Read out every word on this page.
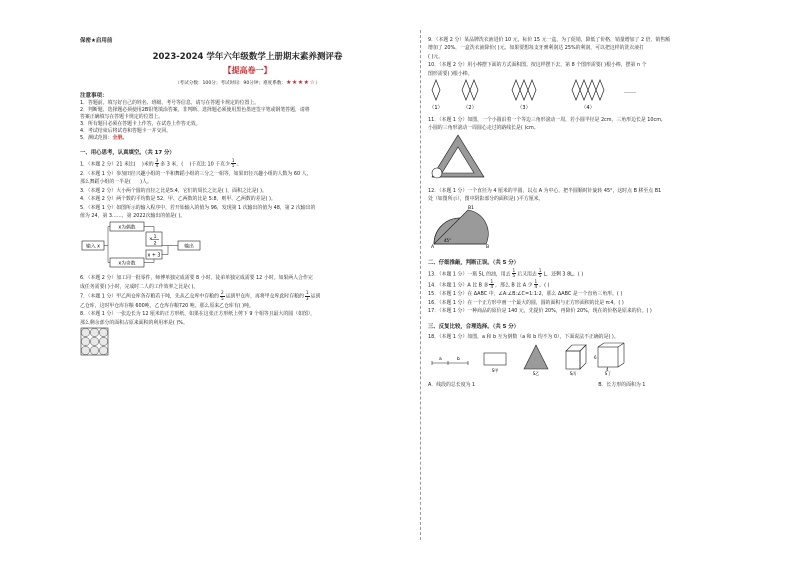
保密★启用前
2023-2024 学年六年级数学上册期末素养测评卷
【提高卷一】
（考试分数：100分；考试时间：90分钟；难度系数：★★★★☆）
注意事项：
1．答题前，填写好自己的姓名、班级、考号等信息，请写在答题卡规定的位置上。
2．判断题、选择题必须使用2B铅笔填涂答案，非判断、选择题必须使用黑色墨迹签字笔或钢笔答题，请将
答案正确填写在答题卡规定的位置上。
3．所有题目必须在答题卡上作答，在试卷上作答无效。
4．考试结束后将试卷和答题卡一并交回。
5．测试范围：全册。
一、用心思考，认真填空。（共 17 分）
1．（本题 2 分）21 米比( )米的 $\frac{3}{4}$ 多 3 米，( )千克比 10 千克少 $\frac{1}{5}$ 。
2．（本题 1 分）参加田径兴趣小组的一半和舞蹈小组的三分之一相等，如果田径兴趣小组的人数为 60 人，
那么舞蹈小组的一半是( )人。
3．（本题 2 分）大小两个圆的直径之比是5:4，它们的周长之比是( )，面积之比是( )。
4．（本题 2 分）两个数的平均数是 52，甲、乙两数的比是 5:8，则甲、乙两数的差是( )。
5．（本题 1 分）如图所示的输入程序中，若开始输入的值为 96，发现第 1 次输出的值为 48，第 2 次输出的
值为 24，第 3……，第 2022次输出的值是( )。
x为偶数
1
2
×
输入 x	输出
x为奇数
x + 3
6．（本题 2 分）加工同一批零件，师傅单独完成需要 8 小时，徒弟单独完成需要 12 小时。如果两人合作完
成任务需要( )小时，完成时二人的工作效率之比是( )。
7．（本题 1 分）甲乙两仓库各存粮若干吨，先从乙仓库中存粮的 $\frac{2}{5}$ 运到甲仓库，再将甲仓库此时存粮的 $\frac{1}{3}$ 运到
乙仓库，这时甲仓库存粮 600吨，乙仓库存粮720 吨。那么原来乙仓库有( )吨。
8．（本题 1 分）一张边长为 12 厘米的正方形纸，如果在这张正方形纸上剪下 9 个相等且最大的圆（如图），
那么剩余部分的面积占原来面积的利用率是( )%。
9．（本题 2 分）某品牌洗衣液进价 10 元，标价 15 元一盒，为了促销，降低了价格，销量增加了 2 倍，销售额
增加了 20%，一盒洗衣液降价( )元。如果要想每支牙膏利润达 25%的利润，可以把这样的洗衣液打
( )元。
10．（本题 2 分）用小棒摆下面的方式面积图。按这样摆下去，第 8 个图形需要( )根小棒，摆第 n 个
图形需要( )根小棒。
（1）	（2）	（3）	（4）
……
11．（本题 1 分）如图，一个小圆沿着一个等边三角形滚动一周，若小圆半径是 2cm，三角形边长是 10cm,
小圆的三角形滚动一周圆心走过的路线长是( )cm。
12．（本题 1 分）一个直径为 4 厘米的半圆，以点 A 为中心，把半圆顺时针旋转 45°，这时点 B 移至点 B1
处（如图所示），图中阴影部分的面积是( )平方厘米。
B1
A	B
45°
二、仔细推敲，判断正误。（共 5 分）
13．（本题 1 分）一瓶 5L 的油，用去 $\frac{1}{5}$ 后又用去 $\frac{1}{5}$ L，还剩 3 8L。( )
14．（本题 1 分）A 比 B 多 $\frac{1}{4}$ ，那么 B 比 A 少 $\frac{1}{4}$ 。( )
15．（本题 1 分）在 ΔABC 中，∠A:∠B:∠C=1:1:2，那么 ΔABC 是一个直角三角形。( )
16．（本题 1 分）在一个正方形中画一个最大的圆，圆的面积与正方形面积的比是 π:4。( )
17．（本题 1 分）一种商品的原价是 140 元，先提价 20%，再降价 20%，现在的价格是原来的价。( )
三、反复比较，合理选择。（共 5 分）
18．（本题 1 分）如图，a 和 b 互为倒数（a 和 b 均不为 0），下面说法不正确的是( )。
a	b
S甲
S乙	S丙	S丁
6
4
A．线段的总长度为 1	B．长方形的面积为 1
